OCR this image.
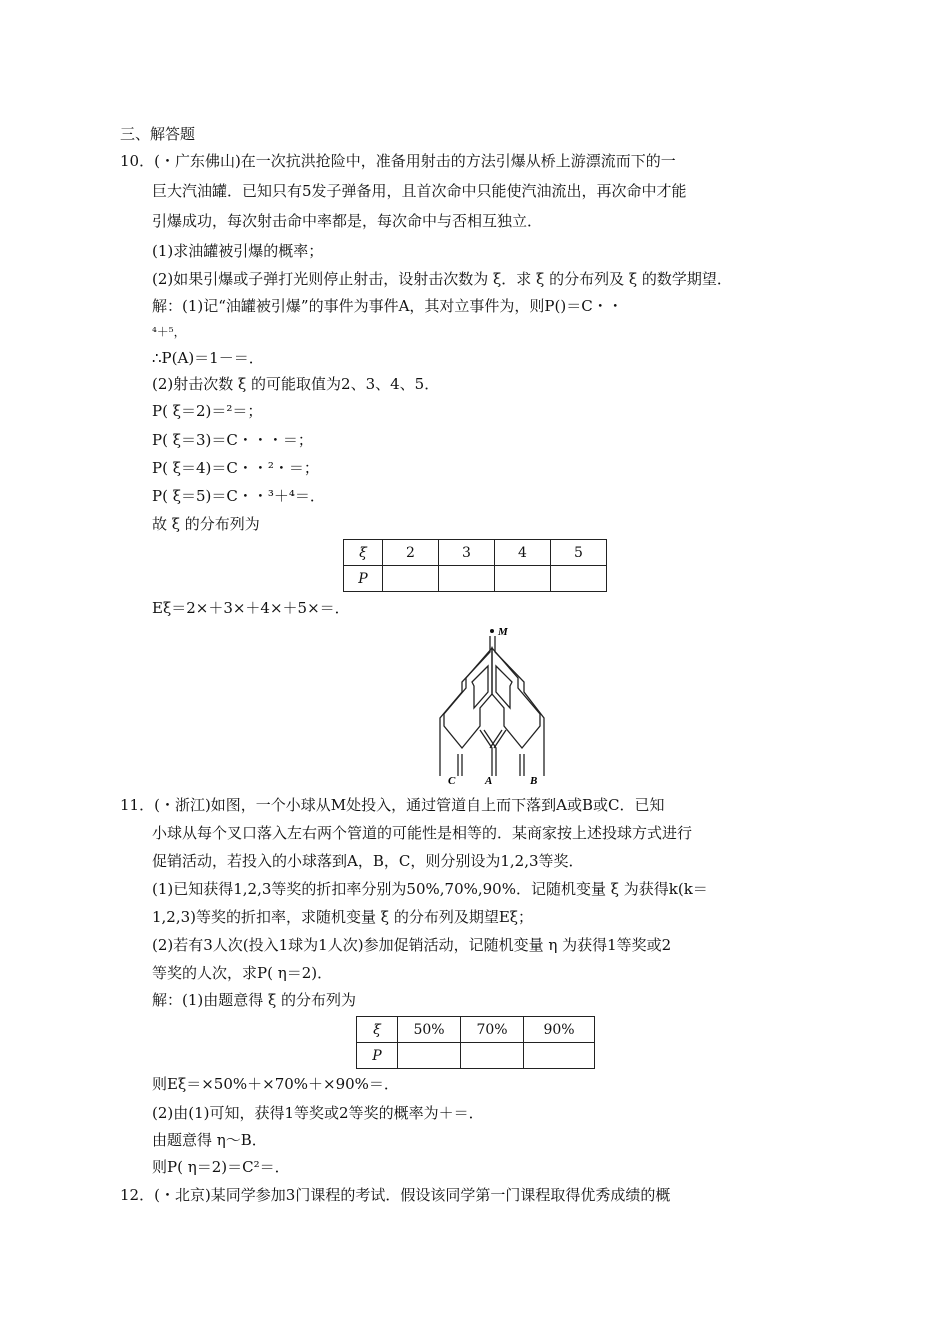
三、解答题
10．(・广东佛山)在一次抗洪抢险中，准备用射击的方法引爆从桥上游漂流而下的一
巨大汽油罐．已知只有5发子弹备用，且首次命中只能使汽油流出，再次命中才能
引爆成功，每次射击命中率都是，每次命中与否相互独立．
(1)求油罐被引爆的概率；
(2)如果引爆或子弹打光则停止射击，设射击次数为 ξ．求 ξ 的分布列及 ξ 的数学期望．
解：(1)记“油罐被引爆”的事件为事件A，其对立事件为，则P()＝C・・
⁴＋⁵，
∴P(A)＝1－＝．
(2)射击次数 ξ 的可能取值为2、3、4、5．
P( ξ＝2)＝²＝；
P( ξ＝3)＝C・・・＝；
P( ξ＝4)＝C・・²・＝；
P( ξ＝5)＝C・・³＋⁴＝．
故 ξ 的分布列为
ξ	2	3	4	5
P				
Eξ＝2×＋3×＋4×＋5×＝．
M
C	A	B
11．(・浙江)如图，一个小球从M处投入，通过管道自上而下落到A或B或C．已知
小球从每个叉口落入左右两个管道的可能性是相等的．某商家按上述投球方式进行
促销活动，若投入的小球落到A，B，C，则分别设为1,2,3等奖．
(1)已知获得1,2,3等奖的折扣率分别为50%,70%,90%．记随机变量 ξ 为获得k(k＝
1,2,3)等奖的折扣率，求随机变量 ξ 的分布列及期望Eξ；
(2)若有3人次(投入1球为1人次)参加促销活动，记随机变量 η 为获得1等奖或2
等奖的人次，求P( η＝2)．
解：(1)由题意得 ξ 的分布列为
ξ	50%	70%	90%
P			
则Eξ＝×50%＋×70%＋×90%＝．
(2)由(1)可知，获得1等奖或2等奖的概率为＋＝．
由题意得 η～B．
则P( η＝2)＝C²＝．
12．(・北京)某同学参加3门课程的考试．假设该同学第一门课程取得优秀成绩的概
